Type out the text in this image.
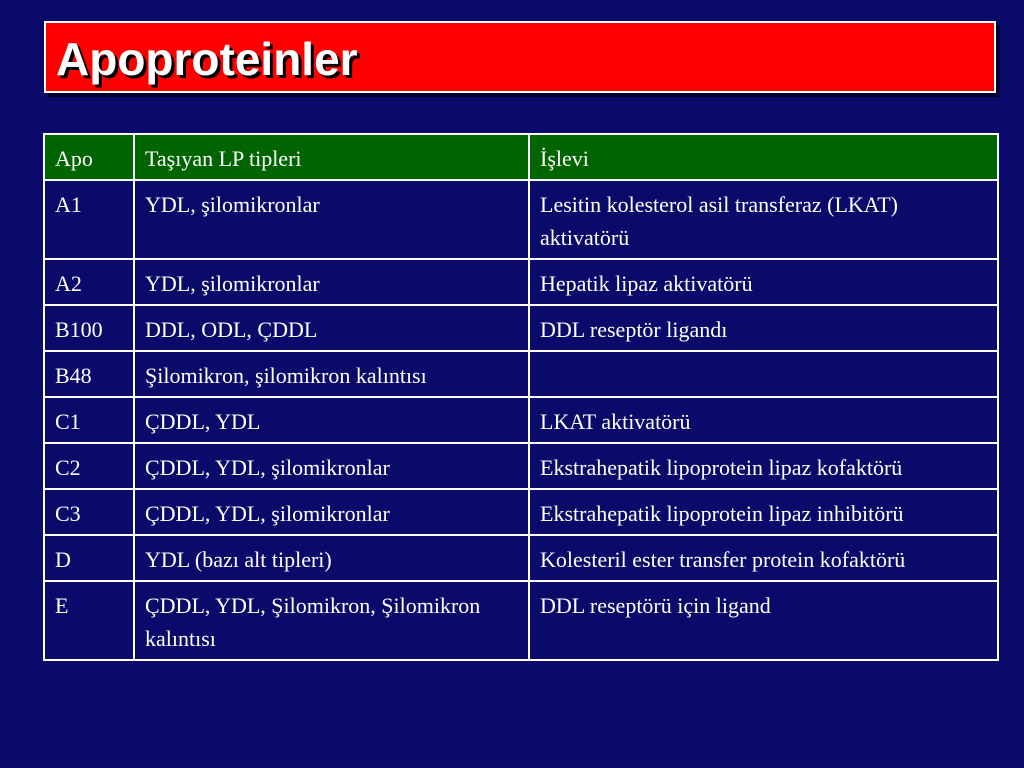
Apoproteinler
Apo	Taşıyan LP tipleri	İşlevi
A1	YDL, şilomikronlar	Lesitin kolesterol asil transferaz (LKAT) aktivatörü
A2	YDL, şilomikronlar	Hepatik lipaz aktivatörü
B100	DDL, ODL, ÇDDL	DDL reseptör ligandı
B48	Şilomikron, şilomikron kalıntısı	
C1	ÇDDL, YDL	LKAT aktivatörü
C2	ÇDDL, YDL, şilomikronlar	Ekstrahepatik lipoprotein lipaz kofaktörü
C3	ÇDDL, YDL, şilomikronlar	Ekstrahepatik lipoprotein lipaz inhibitörü
D	YDL (bazı alt tipleri)	Kolesteril ester transfer protein kofaktörü
E	ÇDDL, YDL, Şilomikron, Şilomikron kalıntısı	DDL reseptörü için ligand
